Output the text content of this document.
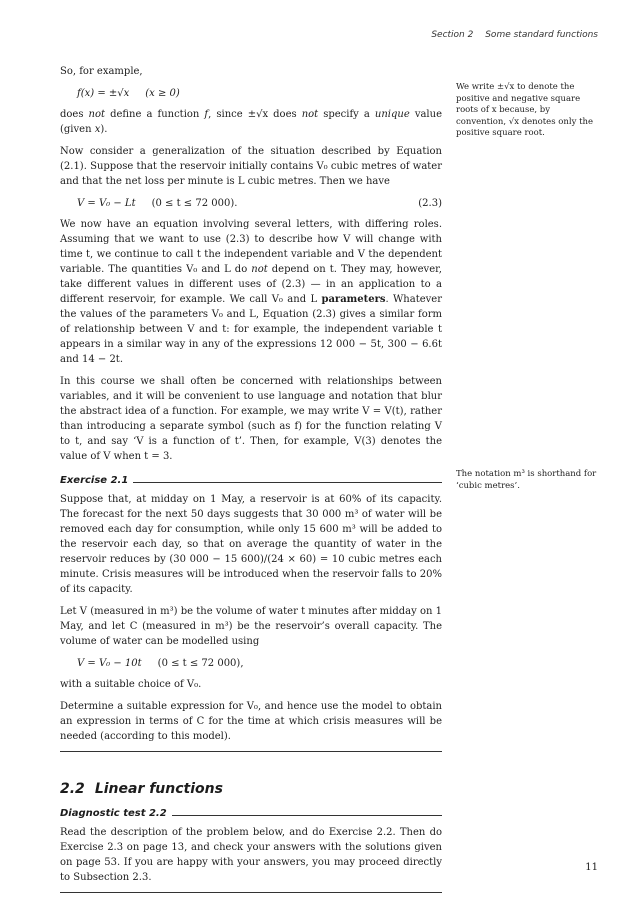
Section 2 Some standard functions

So, for example,

f(x) = ±√x (x ≥ 0)

does not define a function f, since ±√x does not specify a unique value (given x).

Now consider a generalization of the situation described by Equation (2.1). Suppose that the reservoir initially contains V₀ cubic metres of water and that the net loss per minute is L cubic metres. Then we have

V = V₀ − Lt (0 ≤ t ≤ 72 000).	(2.3)

We now have an equation involving several letters, with differing roles. Assuming that we want to use (2.3) to describe how V will change with time t, we continue to call t the independent variable and V the dependent variable. The quantities V₀ and L do not depend on t. They may, however, take different values in different uses of (2.3) — in an application to a different reservoir, for example. We call V₀ and L parameters. Whatever the values of the parameters V₀ and L, Equation (2.3) gives a similar form of relationship between V and t: for example, the independent variable t appears in a similar way in any of the expressions 12 000 − 5t, 300 − 6.6t and 14 − 2t.

In this course we shall often be concerned with relationships between variables, and it will be convenient to use language and notation that blur the abstract idea of a function. For example, we may write V = V(t), rather than introducing a separate symbol (such as f) for the function relating V to t, and say ‘V is a function of t’. Then, for example, V(3) denotes the value of V when t = 3.

Exercise 2.1

Suppose that, at midday on 1 May, a reservoir is at 60% of its capacity. The forecast for the next 50 days suggests that 30 000 m³ of water will be removed each day for consumption, while only 15 600 m³ will be added to the reservoir each day, so that on average the quantity of water in the reservoir reduces by (30 000 − 15 600)/(24 × 60) = 10 cubic metres each minute. Crisis measures will be introduced when the reservoir falls to 20% of its capacity.

Let V (measured in m³) be the volume of water t minutes after midday on 1 May, and let C (measured in m³) be the reservoir’s overall capacity. The volume of water can be modelled using

V = V₀ − 10t (0 ≤ t ≤ 72 000),

with a suitable choice of V₀.

Determine a suitable expression for V₀, and hence use the model to obtain an expression in terms of C for the time at which crisis measures will be needed (according to this model).

2.2 Linear functions
Diagnostic test 2.2

Read the description of the problem below, and do Exercise 2.2. Then do Exercise 2.3 on page 13, and check your answers with the solutions given on page 53. If you are happy with your answers, you may proceed directly to Subsection 2.3.

We write ±√x to denote the positive and negative square roots of x because, by convention, √x denotes only the positive square root.
The notation m³ is shorthand for ‘cubic metres’.
11
